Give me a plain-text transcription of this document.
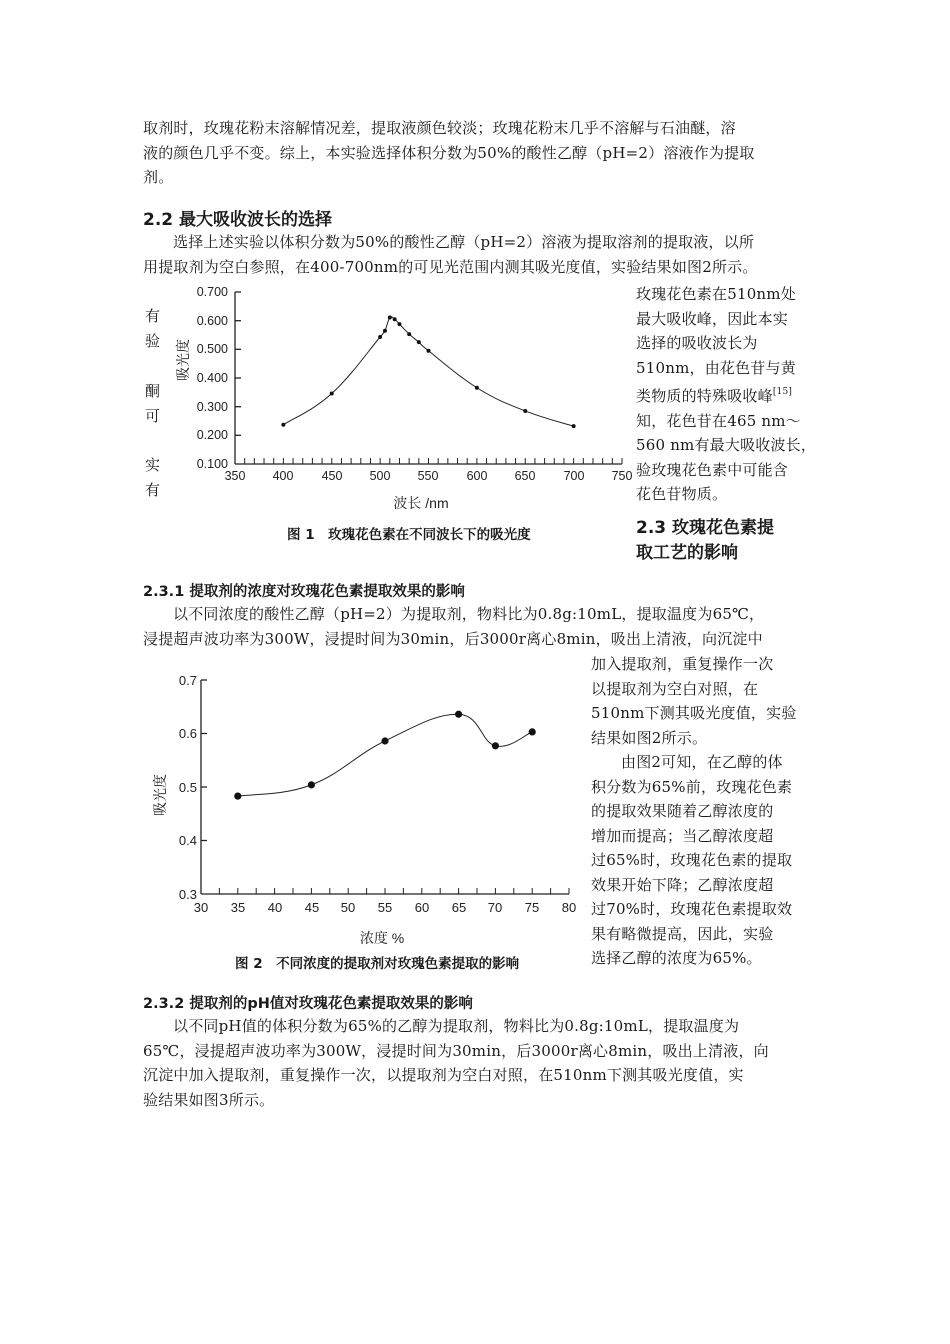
取剂时，玫瑰花粉末溶解情况差，提取液颜色较淡；玫瑰花粉末几乎不溶解与石油醚，溶
液的颜色几乎不变。综上，本实验选择体积分数为50%的酸性乙醇（pH=2）溶液作为提取
剂。
2.2 最大吸收波长的选择
选择上述实验以体积分数为50%的酸性乙醇（pH=2）溶液为提取溶剂的提取液，以所
用提取剂为空白参照，在400-700nm的可见光范围内测其吸光度值，实验结果如图2所示。
有
验
酮
可
实
有
0.700
0.600
0.500
0.400
0.300
0.200
0.100
350 400 450 500 550 600 650 700 750
吸光度
波长 /nm
图 1　玫瑰花色素在不同波长下的吸光度
玫瑰花色素在510nm处
最大吸收峰，因此本实
选择的吸收波长为
510nm，由花色苷与黄
类物质的特殊吸收峰[15]
知，花色苷在465 nm～
560 nm有最大吸收波长，
验玫瑰花色素中可能含
花色苷物质。
2.3 玫瑰花色素提
取工艺的影响
2.3.1 提取剂的浓度对玫瑰花色素提取效果的影响
以不同浓度的酸性乙醇（pH=2）为提取剂，物料比为0.8g:10mL，提取温度为65℃，
浸提超声波功率为300W，浸提时间为30min，后3000r离心8min，吸出上清液，向沉淀中
0.7
0.6
0.5
0.4
0.3
30 35 40 45 50 55 60 65 70 75 80
吸光度
浓度 %
图 2　不同浓度的提取剂对玫瑰色素提取的影响
加入提取剂，重复操作一次
以提取剂为空白对照，在
510nm下测其吸光度值，实验
结果如图2所示。
由图2可知，在乙醇的体
积分数为65%前，玫瑰花色素
的提取效果随着乙醇浓度的
增加而提高；当乙醇浓度超
过65%时，玫瑰花色素的提取
效果开始下降；乙醇浓度超
过70%时，玫瑰花色素提取效
果有略微提高，因此，实验
选择乙醇的浓度为65%。
2.3.2 提取剂的pH值对玫瑰花色素提取效果的影响
以不同pH值的体积分数为65%的乙醇为提取剂，物料比为0.8g:10mL，提取温度为
65℃，浸提超声波功率为300W，浸提时间为30min，后3000r离心8min，吸出上清液，向
沉淀中加入提取剂，重复操作一次，以提取剂为空白对照，在510nm下测其吸光度值，实
验结果如图3所示。
